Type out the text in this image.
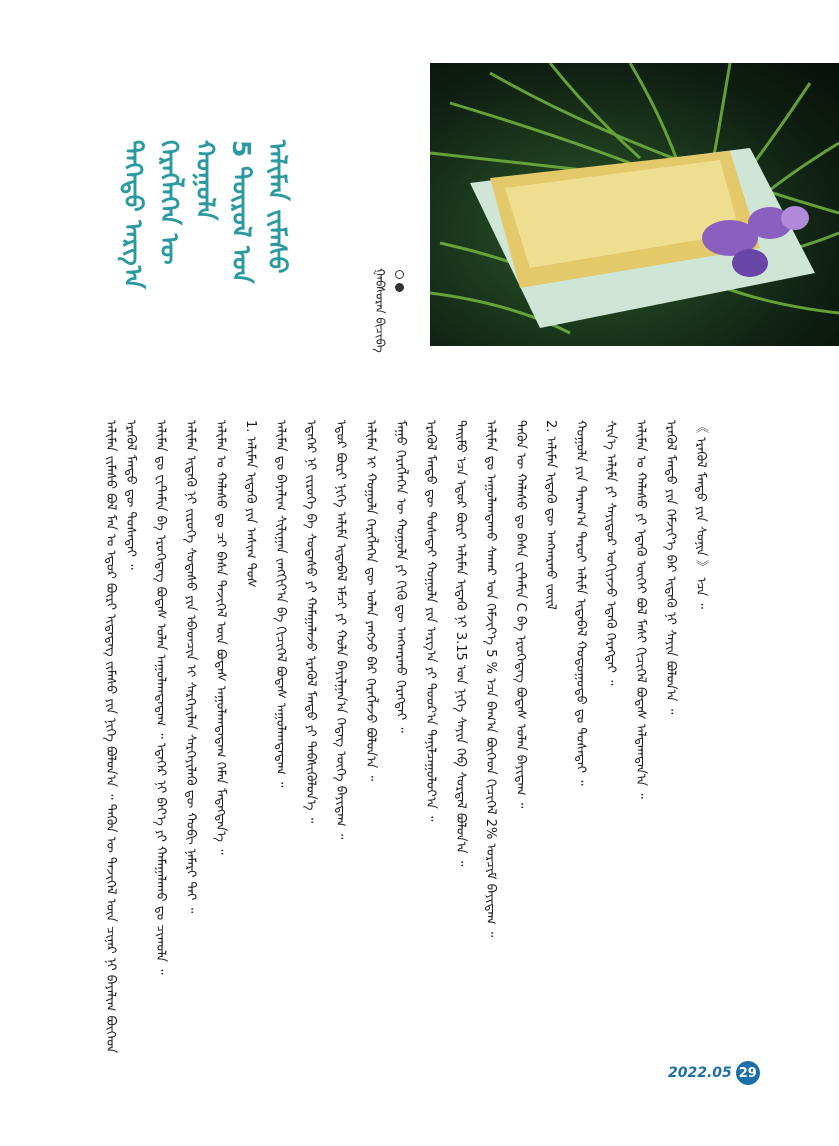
ᠳᠡᠭᠡᠳᠦ ᠠᠷᠭ᠎ᠠ ᠬᠡᠷᠡᠭᠯᠡᠭᠡᠨ ᠦ ᠬᠣᠭᠣᠯᠠ 5 ᠲᠦᠷᠦᠯ ᠤᠨ ᠠᠯᠢᠮᠠᠨ ᠵᠢᠮᠡᠰᠦ
ᠭᠠᠪᠰᠤᠷᠡᠨ ᠪᠢᠴᠢᠪᠡ
ᠠᠯᠢᠮᠠᠨ ᠵᠢᠮᠡᠰᠦ ᠪᠣᠯ ᠮᠠᠨ ᠤ ᠡᠳᠦᠷ ᠪᠦᠷᠢ ᠢᠳᠡᠳᠡᠭ ᠵᠢᠮᠡᠰᠦ ᠶᠢᠨ ᠨᠢᠭᠡ ᠪᠣᠯᠤᠨ᠎ᠠ ᠃ ᠲᠡᠭᠦᠨ ᠦ ᠲᠡᠵᠢᠭᠡᠯ ᠦᠨ ᠴᠢᠨᠠᠷ ᠨᠢ ᠪᠠᠶᠠᠯᠢᠭ ᠪᠥᠭᠡᠳ ᠡᠷᠡᠭᠦᠯ ᠮᠡᠨᠳᠦ ᠳᠦ ᠲᠤᠰᠠᠲᠠᠶ ᠃ ᠠᠯᠢᠮᠠᠨ ᠳᠤ ᠸᠢᠲ᠋ᠠᠮᠢᠨ ᠪᠠ ᠡᠷᠦᠬᠡᠳᠡᠭ ᠪᠣᠳᠠᠰ ᠣᠯᠠᠨ ᠠᠭᠤᠯᠠᠭᠳᠠᠳᠠᠭ ᠃ ᠡᠳᠡᠭᠡᠷ ᠨᠢ ᠪᠡᠶ᠎ᠡ ᠶᠢ ᠬᠠᠮᠠᠭᠠᠯᠠᠬᠤ ᠳᠤ ᠴᠢᠬᠤᠯᠠ ᠃ ᠠᠯᠢᠮᠠᠨ ᠢᠳᠡᠬᠦ ᠨᠢ ᠵᠢᠷᠦᠬᠡ ᠰᠤᠳᠠᠰᠤ ᠶᠢᠨ ᠡᠪᠡᠳᠴᠢᠨ ᠢ ᠰᠡᠷᠭᠡᠶᠢᠯᠡᠨ ᠰᠡᠷᠭᠡᠶᠢᠯᠡᠬᠦ ᠳᠦ ᠬᠣᠪᠢ ᠨᠡᠮᠡᠷᠢ ᠲᠡᠶ ᠃ ᠠᠯᠢᠮᠠᠨ ᠤ ᠬᠠᠯᠠᠰᠤ ᠳᠤ ᠴᠢ ᠪᠠᠰᠠ ᠲᠡᠵᠢᠭᠡᠯ ᠦᠨ ᠪᠣᠳᠠᠰ ᠠᠭᠤᠯᠠᠭᠳᠠᠳᠠᠭ ᠬᠡᠮᠡᠨ ᠮᠡᠳᠡᠭᠳᠡᠨ᠎ᠡ ᠃ 1. ᠠᠯᠢᠮᠠᠨ ᠢᠳᠡᠬᠦ ᠶᠢᠨ ᠠᠰᠢᠭ ᠲᠤᠰ ᠠᠯᠢᠮᠠᠨ ᠳᠤ ᠪᠠᠶᠠᠯᠢᠭ ᠰᠢᠯᠢᠭᠠᠨ ᠵᠠᠩᠭᠢᠶ᠎ᠠ ᠪᠠ ᠬᠢᠴᠢᠭᠡᠯ ᠪᠣᠳᠠᠰ ᠠᠭᠤᠯᠠᠭᠳᠠᠳᠠᠭ ᠃ ᠡᠳᠡᠭᠡᠷ ᠨᠢ ᠵᠢᠷᠦᠬᠡ ᠪᠠ ᠰᠤᠳᠠᠰᠤ ᠶᠢ ᠬᠠᠮᠠᠭᠠᠯᠠᠵᠤ ᠡᠷᠡᠭᠦᠯ ᠮᠡᠨᠳᠦ ᠶᠢ ᠳᠡᠪᠰᠢᠭᠦᠯᠦᠨ᠎ᠡ ᠃ ᠡᠳᠦᠷ ᠪᠦᠷᠢ ᠨᠢᠭᠡ ᠠᠯᠢᠮᠠ ᠢᠳᠡᠪᠡᠯ ᠡᠮᠴᠢ ᠶᠢ ᠬᠣᠯᠠ ᠪᠠᠶᠢᠯᠭᠠᠨ᠎ᠠ ᠭᠡᠳᠡᠭ ᠦᠭᠡ ᠪᠠᠶᠢᠳᠠᠭ ᠃ ᠠᠯᠢᠮᠠᠨ ᠢ ᠬᠣᠭᠣᠯᠠ ᠬᠡᠷᠡᠭᠯᠡᠭᠡᠨ ᠳᠦ ᠣᠯᠠᠨ ᠶᠠᠩᠵᠤ ᠪᠠᠷ ᠬᠡᠷᠡᠭᠯᠡᠵᠦ ᠪᠣᠯᠤᠨ᠎ᠠ ᠃ ᠮᠠᠭᠤ ᠬᠡᠷᠡᠭᠯᠡᠭᠡᠨ ᠦ ᠬᠣᠭᠣᠯᠠ ᠶᠢ ᠬᠢᠬᠦ ᠳᠦ ᠠᠩᠬᠠᠷᠬᠤ ᠬᠡᠷᠡᠭᠲᠡᠶ ᠃ ᠡᠷᠡᠭᠦᠯ ᠮᠡᠨᠳᠦ ᠳᠦ ᠲᠤᠰᠠᠲᠠᠶ ᠬᠣᠭᠣᠯᠠ ᠶᠢᠨ ᠠᠷᠭ᠎ᠠ ᠶᠢ ᠳᠣᠣᠷ᠎ᠠ ᠲᠠᠨᠢᠯᠴᠠᠭᠤᠯᠤᠶ᠎ᠠ ᠃ ᠲᠡᠢᠮᠦ ᠡᠴᠡ ᠡᠳᠦᠷ ᠪᠦᠷᠢ ᠠᠯᠢᠮᠠᠨ ᠢᠳᠡᠬᠦ ᠨᠢ 3.15 ᠤᠨ ᠨᠢᠭᠡ ᠰᠠᠶᠢᠨ ᠬᠡᠪ ᠰᠤᠷᠲᠠᠯ ᠪᠣᠯᠤᠨ᠎ᠠ ᠃ ᠠᠯᠢᠮᠠᠨ ᠳᠤ ᠠᠭᠤᠯᠠᠭᠳᠠᠬᠤ ᠰᠠᠬᠠᠷ ᠤᠨ ᠬᠡᠮᠵᠢᠶ᠎ᠡ 5 % ᠡᠴᠡ ᠪᠠᠭ᠎ᠠ ᠪᠥᠭᠡᠳ ᠬᠢᠴᠢᠭᠡᠯ 2% ᠣᠷᠴᠢᠮ ᠪᠠᠶᠢᠳᠠᠭ ᠃ ᠲᠡᠭᠦᠨ ᠦ ᠬᠠᠯᠠᠰᠤ ᠳᠤ ᠪᠠᠰᠠ ᠸᠢᠲ᠋ᠠᠮᠢᠨ C ᠪᠠ ᠡᠷᠦᠬᠡᠳᠡᠭ ᠪᠣᠳᠠᠰ ᠣᠯᠠᠨ ᠪᠠᠶᠢᠳᠠᠭ ᠃ 2. ᠠᠯᠢᠮᠠᠨ ᠢᠳᠡᠬᠦ ᠳᠦ ᠠᠩᠬᠠᠷᠬᠤ ᠵᠦᠢᠯ ᠬᠣᠭᠣᠯᠠ ᠶᠢᠨ ᠳᠠᠷᠠᠭ᠎ᠠ ᠳᠠᠷᠤᠢ ᠠᠯᠢᠮᠠ ᠢᠳᠡᠪᠡᠯ ᠬᠣᠳᠤᠭᠤᠳᠤ ᠳᠤ ᠲᠤᠰᠠᠲᠠᠶ ᠃ ᠰᠢᠨ᠎ᠡ ᠠᠯᠢᠮᠠ ᠶᠢ ᠰᠠᠶᠢᠲᠤᠷ ᠤᠭᠢᠶᠠᠵᠤ ᠡᠳᠡᠬᠦ ᠬᠡᠷᠡᠭᠲᠡᠶ ᠃ ᠠᠯᠢᠮᠠᠨ ᠤ ᠬᠠᠯᠠᠰᠤ ᠶᠢ ᠡᠳᠡᠬᠦ ᠦᠭᠡᠢ ᠪᠣᠯ ᠮᠠᠰᠢ ᠬᠢᠴᠢᠭᠡᠯ ᠪᠣᠳᠠᠰ ᠠᠯᠳᠠᠭᠳᠠᠨ᠎ᠠ ᠃ ᠡᠷᠡᠭᠦᠯ ᠮᠡᠨᠳᠦ ᠶᠢᠨ ᠬᠡᠮᠵᠢᠶ᠎ᠡ ᠪᠠᠷ ᠢᠳᠡᠬᠦ ᠨᠢ ᠰᠠᠶᠢᠨ ᠪᠣᠯᠤᠨ᠎ᠠ ᠃ 《 ᠡᠷᠡᠭᠦᠯ ᠮᠡᠨᠳᠦ ᠶᠢᠨ ᠰᠣᠨᠢᠨ 》 ᠡᠴᠡ ᠃
2022.05 29
